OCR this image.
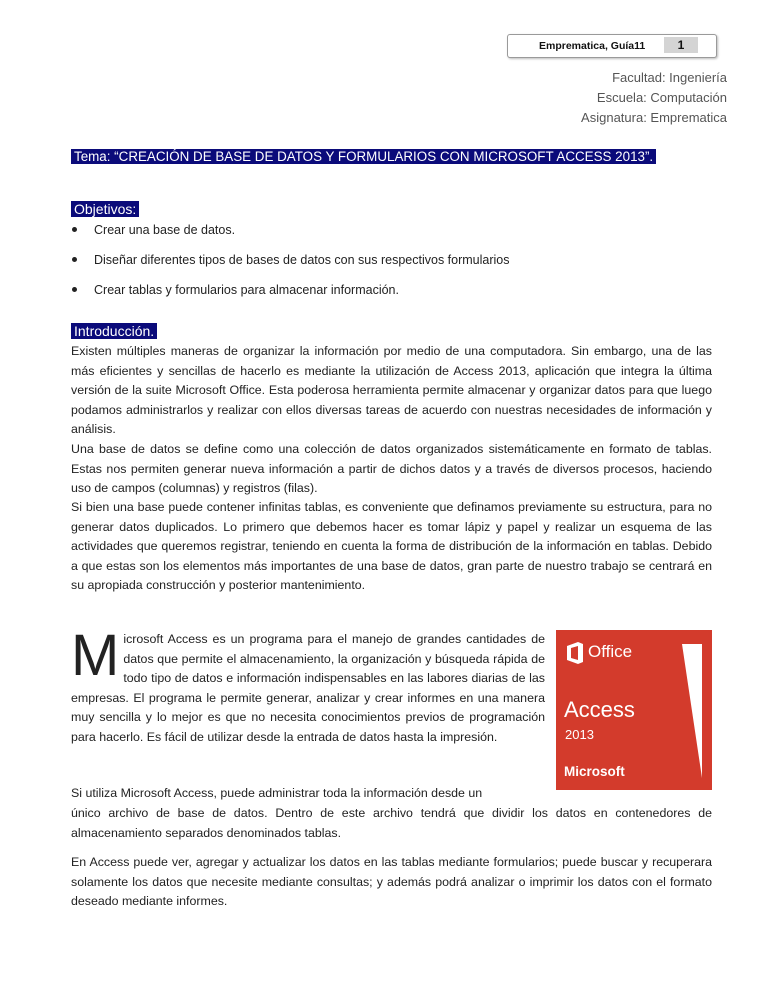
Emprematica, Guía11	1
Facultad: Ingeniería
Escuela: Computación
Asignatura: Emprematica
Tema: “CREACIÓN DE BASE DE DATOS Y FORMULARIOS CON MICROSOFT ACCESS 2013”.
Objetivos:
Crear una base de datos.
Diseñar diferentes tipos de bases de datos con sus respectivos formularios
Crear tablas y formularios para almacenar información.
Introducción.

Existen múltiples maneras de organizar la información por medio de una computadora. Sin embargo, una de las más eficientes y sencillas de hacerlo es mediante la utilización de Access 2013, aplicación que integra la última versión de la suite Microsoft Office. Esta poderosa herramienta permite almacenar y organizar datos para que luego podamos administrarlos y realizar con ellos diversas tareas de acuerdo con nuestras necesidades de información y análisis.

Una base de datos se define como una colección de datos organizados sistemáticamente en formato de tablas. Estas nos permiten generar nueva información a partir de dichos datos y a través de diversos procesos, haciendo uso de campos (columnas) y registros (filas).

Si bien una base puede contener infinitas tablas, es conveniente que definamos previamente su estructura, para no generar datos duplicados. Lo primero que debemos hacer es tomar lápiz y papel y realizar un esquema de las actividades que queremos registrar, teniendo en cuenta la forma de distribución de la información en tablas. Debido a que estas son los elementos más importantes de una base de datos, gran parte de nuestro trabajo se centrará en su apropiada construcción y posterior mantenimiento.

Microsoft Access es un programa para el manejo de grandes cantidades de datos que permite el almacenamiento, la organización y búsqueda rápida de todo tipo de datos e información indispensables en las labores diarias de las empresas. El programa le permite generar, analizar y crear informes en una manera muy sencilla y lo mejor es que no necesita conocimientos previos de programación para hacerlo. Es fácil de utilizar desde la entrada de datos hasta la impresión.

Si utiliza Microsoft Access, puede administrar toda la información desde un

único archivo de base de datos. Dentro de este archivo tendrá que dividir los datos en contenedores de almacenamiento separados denominados tablas.

En Access puede ver, agregar y actualizar los datos en las tablas mediante formularios; puede buscar y recuperara solamente los datos que necesite mediante consultas; y además podrá analizar o imprimir los datos con el formato deseado mediante informes.

Office
Access
2013
Microsoft
